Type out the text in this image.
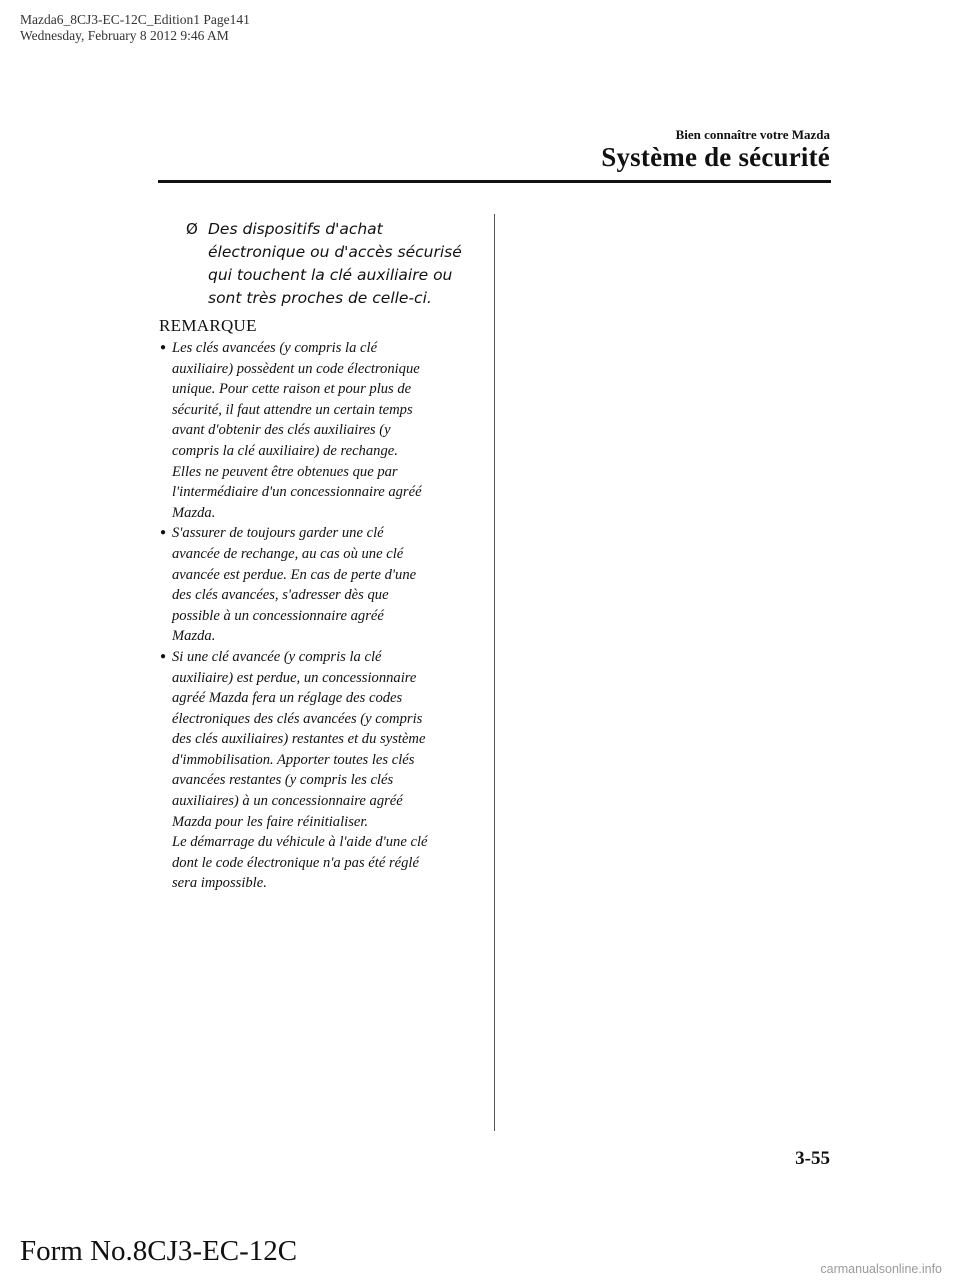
Mazda6_8CJ3-EC-12C_Edition1 Page141
Wednesday, February 8 2012 9:46 AM
Bien connaître votre Mazda
Système de sécurité
Ø Des dispositifs d'achat
électronique ou d'accès sécurisé
qui touchent la clé auxiliaire ou
sont très proches de celle-ci.
REMARQUE
● Les clés avancées (y compris la clé
auxiliaire) possèdent un code électronique
unique. Pour cette raison et pour plus de
sécurité, il faut attendre un certain temps
avant d'obtenir des clés auxiliaires (y
compris la clé auxiliaire) de rechange.
Elles ne peuvent être obtenues que par
l'intermédiaire d'un concessionnaire agréé
Mazda.
● S'assurer de toujours garder une clé
avancée de rechange, au cas où une clé
avancée est perdue. En cas de perte d'une
des clés avancées, s'adresser dès que
possible à un concessionnaire agréé
Mazda.
● Si une clé avancée (y compris la clé
auxiliaire) est perdue, un concessionnaire
agréé Mazda fera un réglage des codes
électroniques des clés avancées (y compris
des clés auxiliaires) restantes et du système
d'immobilisation. Apporter toutes les clés
avancées restantes (y compris les clés
auxiliaires) à un concessionnaire agréé
Mazda pour les faire réinitialiser.
Le démarrage du véhicule à l'aide d'une clé
dont le code électronique n'a pas été réglé
sera impossible.
3-55
Form No.8CJ3-EC-12C
carmanualsonline.info
